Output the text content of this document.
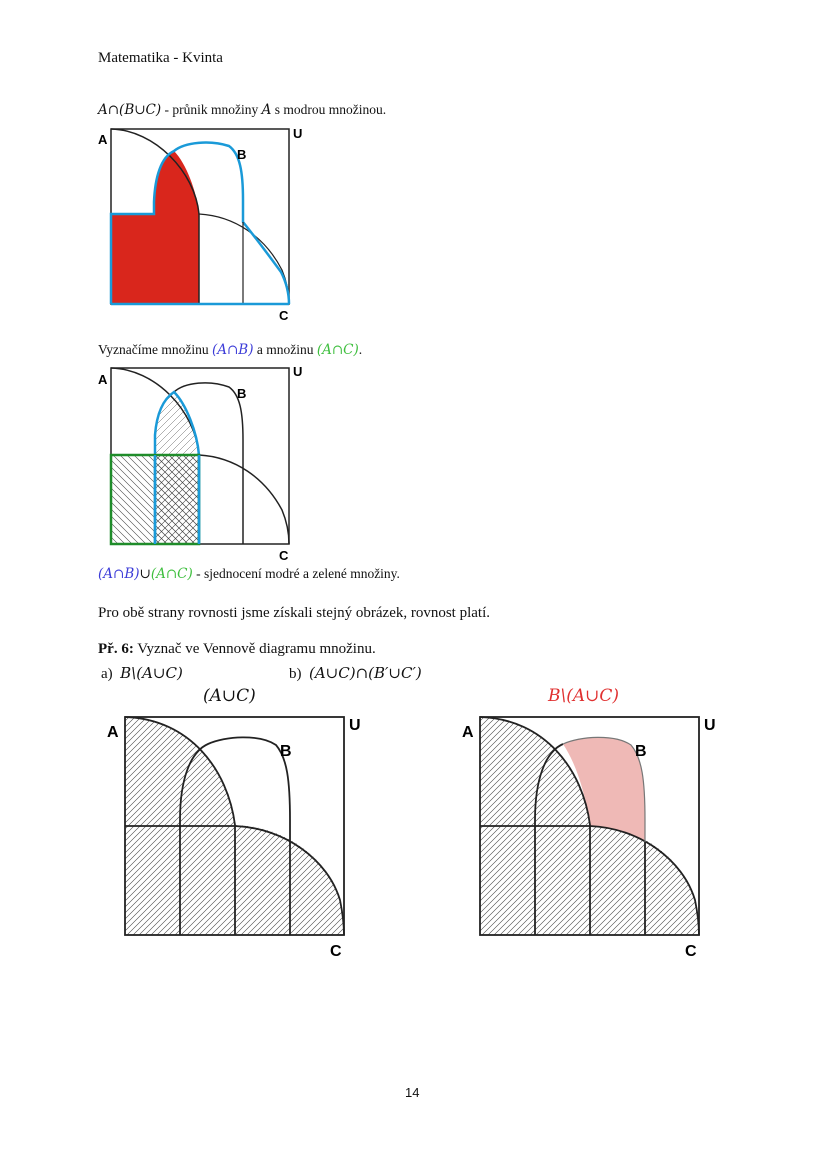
Matematika - Kvinta
A∩(B∪C) - průnik množiny A s modrou množinou.
A	U
B
C
Vyznačíme množinu (A∩B) a množinu (A∩C).
A
U
B
C
(A∩B)∪(A∩C) - sjednocení modré a zelené množiny.
Pro obě strany rovnosti jsme získali stejný obrázek, rovnost platí.
Př. 6: Vyznač ve Vennově diagramu množinu.
a) B\(A∪C)	b) (A∪C)∩(B′∪C′)
(A∪C)	B\(A∪C)
A	U
B
C
A	U
B
C
14
